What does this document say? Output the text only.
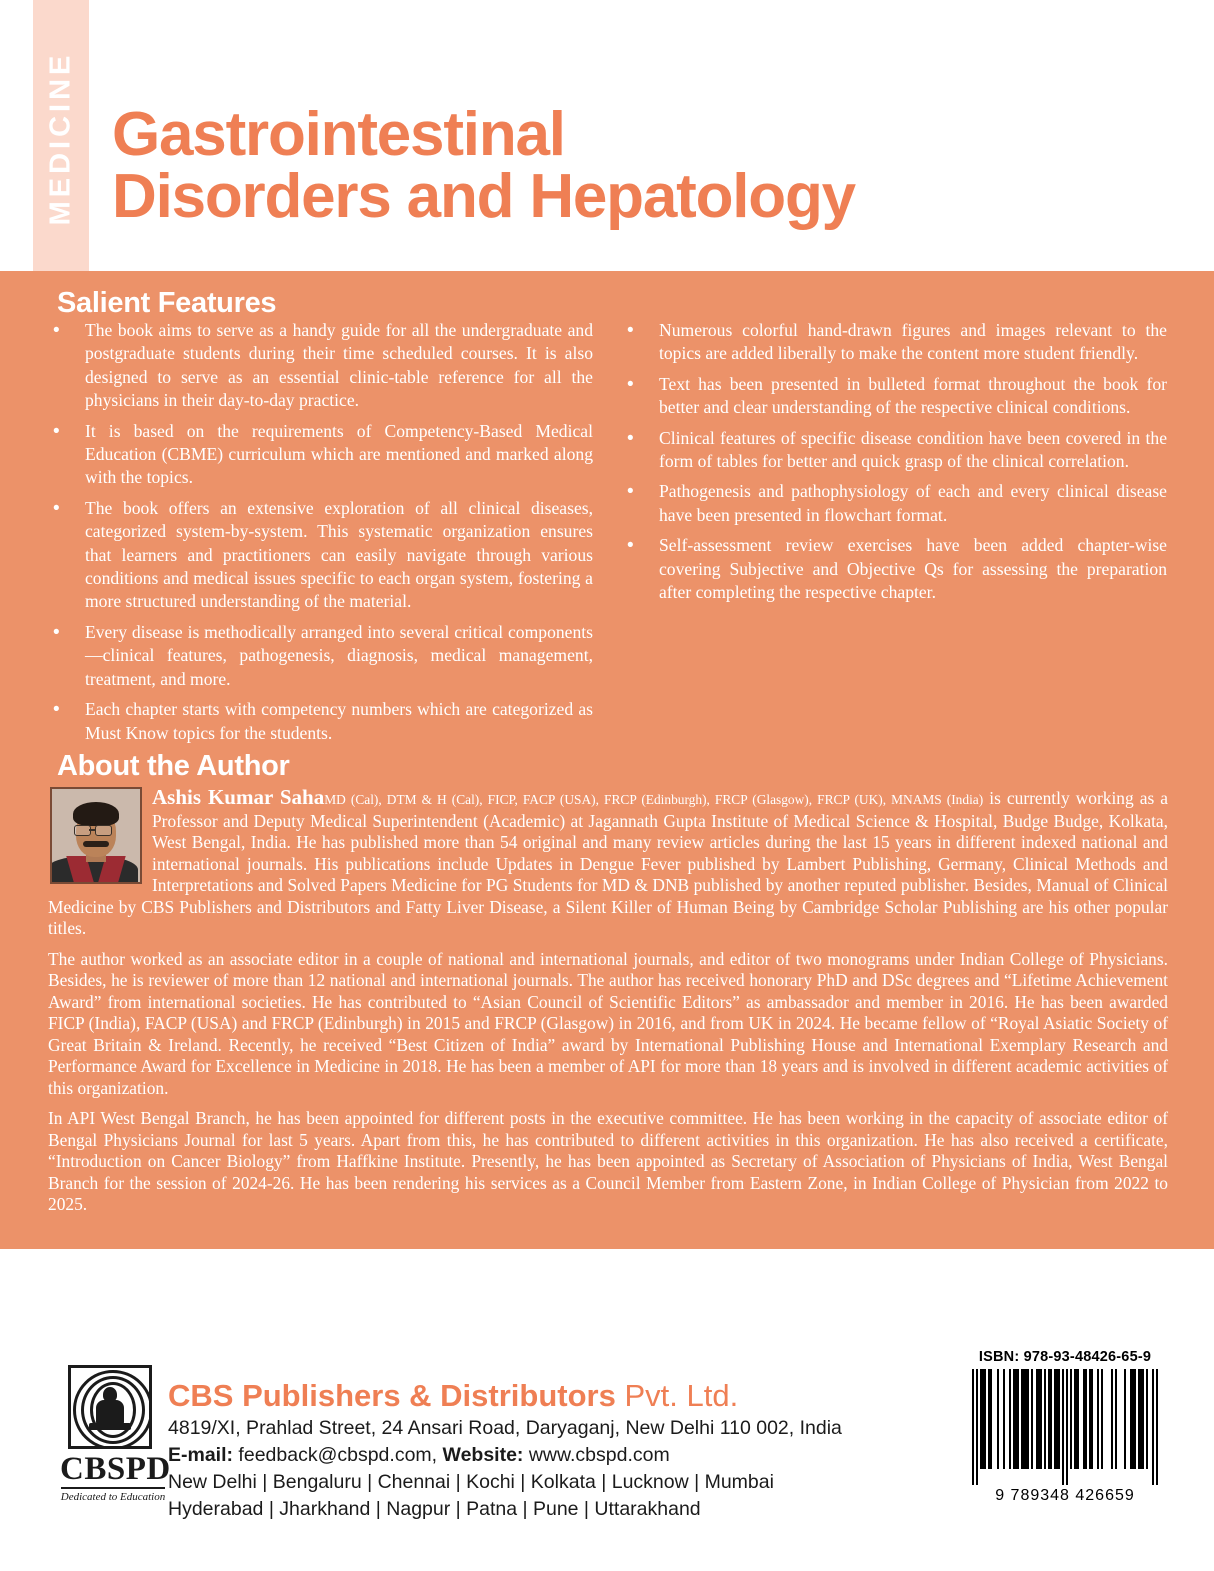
MEDICINE Gastrointestinal
Disorders and Hepatology
Salient Features
•	The book aims to serve as a handy guide for all the undergraduate and postgraduate students during their time scheduled courses. It is also designed to serve as an essential clinic-table reference for all the physicians in their day-to-day practice.
•	It is based on the requirements of Competency-Based Medical Education (CBME) curriculum which are mentioned and marked along with the topics.
•	The book offers an extensive exploration of all clinical diseases, categorized system-by-system. This systematic organization ensures that learners and practitioners can easily navigate through various conditions and medical issues specific to each organ system, fostering a more structured understanding of the material.
•	Every disease is methodically arranged into several critical components—clinical features, pathogenesis, diagnosis, medical management, treatment, and more.
•	Each chapter starts with competency numbers which are categorized as Must Know topics for the students.
•	Numerous colorful hand-drawn figures and images relevant to the topics are added liberally to make the content more student friendly.
•	Text has been presented in bulleted format throughout the book for better and clear understanding of the respective clinical conditions.
•	Clinical features of specific disease condition have been covered in the form of tables for better and quick grasp of the clinical correlation.
•	Pathogenesis and pathophysiology of each and every clinical disease have been presented in flowchart format.
•	Self-assessment review exercises have been added chapter-wise covering Subjective and Objective Qs for assessing the preparation after completing the respective chapter.
About the Author

Ashis Kumar SahaMD (Cal), DTM & H (Cal), FICP, FACP (USA), FRCP (Edinburgh), FRCP (Glasgow), FRCP (UK), MNAMS (India) is currently working as a Professor and Deputy Medical Superintendent (Academic) at Jagannath Gupta Institute of Medical Science & Hospital, Budge Budge, Kolkata, West Bengal, India. He has published more than 54 original and many review articles during the last 15 years in different indexed national and international journals. His publications include Updates in Dengue Fever published by Lambert Publishing, Germany, Clinical Methods and Interpretations and Solved Papers Medicine for PG Students for MD & DNB published by another reputed publisher. Besides, Manual of Clinical Medicine by CBS Publishers and Distributors and Fatty Liver Disease, a Silent Killer of Human Being by Cambridge Scholar Publishing are his other popular titles.

The author worked as an associate editor in a couple of national and international journals, and editor of two monograms under Indian College of Physicians. Besides, he is reviewer of more than 12 national and international journals. The author has received honorary PhD and DSc degrees and “Lifetime Achievement Award” from international societies. He has contributed to “Asian Council of Scientific Editors” as ambassador and member in 2016. He has been awarded FICP (India), FACP (USA) and FRCP (Edinburgh) in 2015 and FRCP (Glasgow) in 2016, and from UK in 2024. He became fellow of “Royal Asiatic Society of Great Britain & Ireland. Recently, he received “Best Citizen of India” award by International Publishing House and International Exemplary Research and Performance Award for Excellence in Medicine in 2018. He has been a member of API for more than 18 years and is involved in different academic activities of this organization.

In API West Bengal Branch, he has been appointed for different posts in the executive committee. He has been working in the capacity of associate editor of Bengal Physicians Journal for last 5 years. Apart from this, he has contributed to different activities in this organization. He has also received a certificate, “Introduction on Cancer Biology” from Haffkine Institute. Presently, he has been appointed as Secretary of Association of Physicians of India, West Bengal Branch for the session of 2024-26. He has been rendering his services as a Council Member from Eastern Zone, in Indian College of Physician from 2022 to 2025.

CBSPD
Dedicated to Education
CBS Publishers & Distributors Pvt. Ltd.
4819/XI, Prahlad Street, 24 Ansari Road, Daryaganj, New Delhi 110 002, India
E-mail: feedback@cbspd.com, Website: www.cbspd.com
New Delhi | Bengaluru | Chennai | Kochi | Kolkata | Lucknow | Mumbai
Hyderabad | Jharkhand | Nagpur | Patna | Pune | Uttarakhand
ISBN: 978-93-48426-65-9
9 789348 426659
